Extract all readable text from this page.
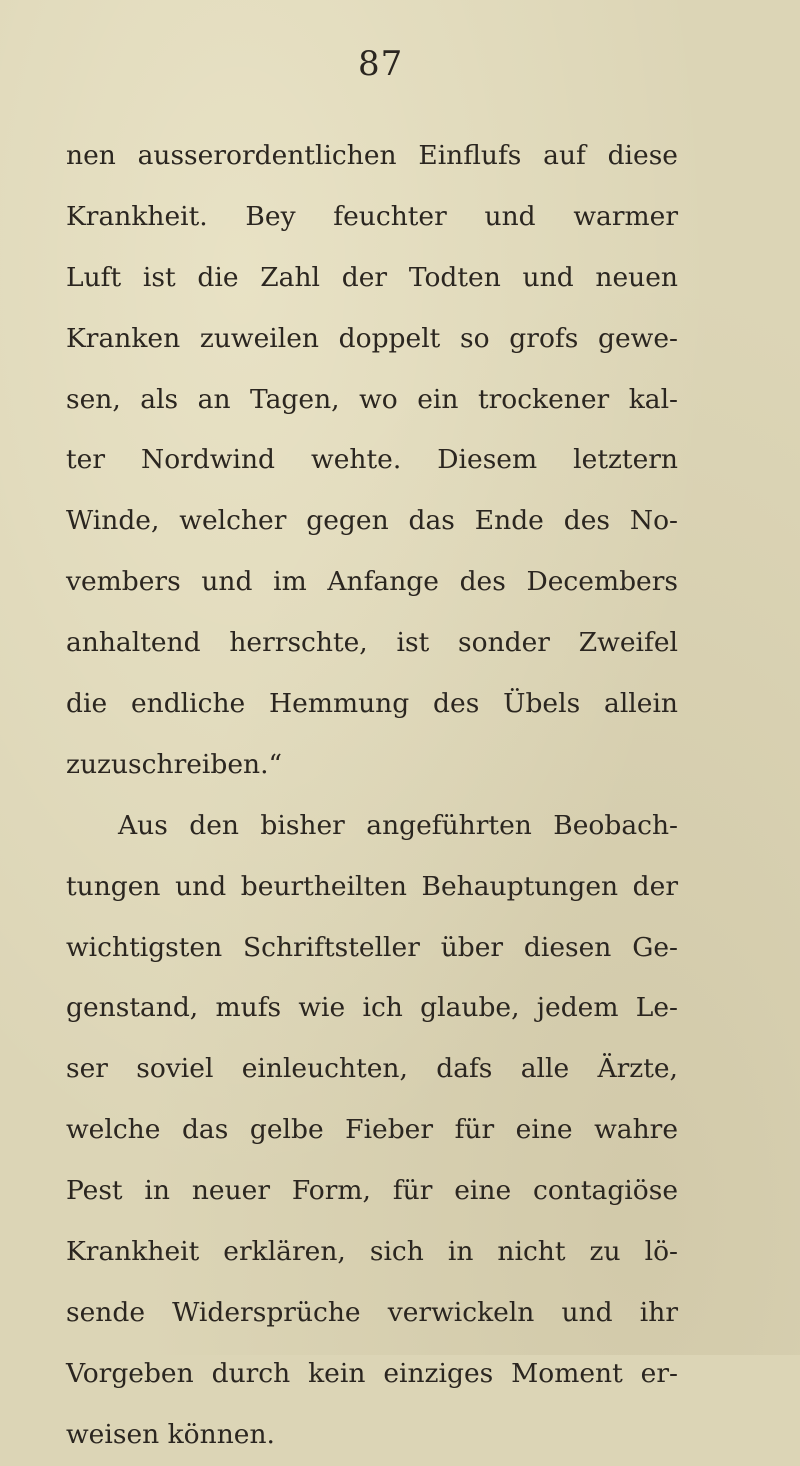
87
nen ausserordentlichen Einflufs auf diese
Krankheit. Bey feuchter und warmer
Luft ist die Zahl der Todten und neuen
Kranken zuweilen doppelt so grofs gewe-
sen, als an Tagen, wo ein trockener kal-
ter Nordwind wehte. Diesem letztern
Winde, welcher gegen das Ende des No-
vembers und im Anfange des Decembers
anhaltend herrschte, ist sonder Zweifel
die endliche Hemmung des Übels allein
zuzuschreiben.“
Aus den bisher angeführten Beobach-
tungen und beurtheilten Behauptungen der
wichtigsten Schriftsteller über diesen Ge-
genstand, mufs wie ich glaube, jedem Le-
ser soviel einleuchten, dafs alle Ärzte,
welche das gelbe Fieber für eine wahre
Pest in neuer Form, für eine contagiöse
Krankheit erklären, sich in nicht zu lö-
sende Widersprüche verwickeln und ihr
Vorgeben durch kein einziges Moment er-
weisen können.
